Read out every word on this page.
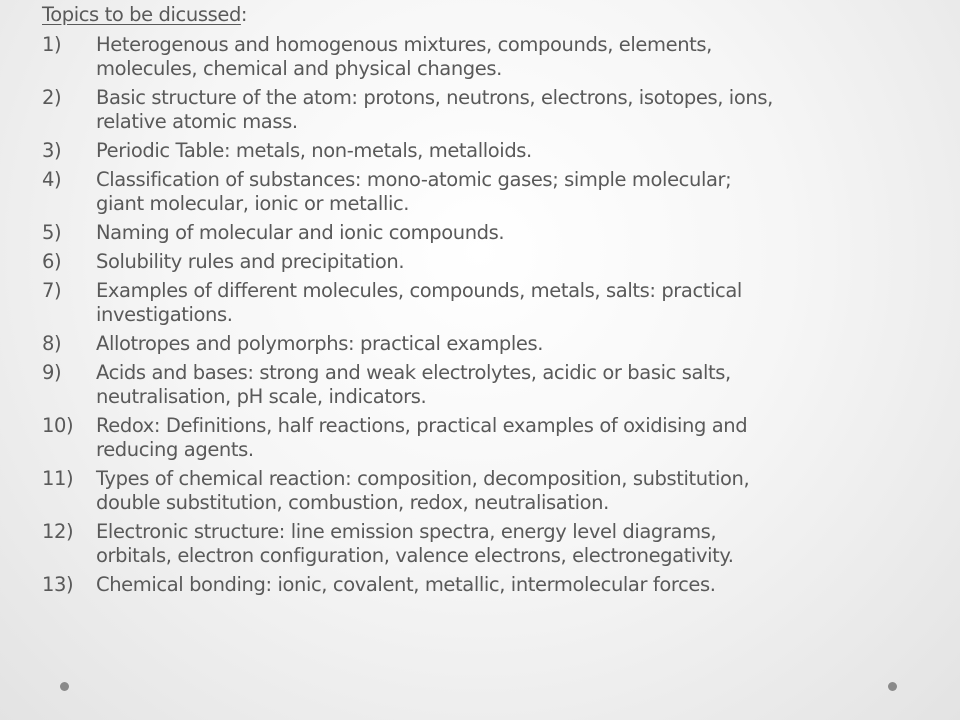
Topics to be dicussed:
1) Heterogenous and homogenous mixtures, compounds, elements,
molecules, chemical and physical changes.
2) Basic structure of the atom: protons, neutrons, electrons, isotopes, ions,
relative atomic mass.
3) Periodic Table: metals, non-metals, metalloids.
4) Classification of substances: mono-atomic gases; simple molecular;
giant molecular, ionic or metallic.
5) Naming of molecular and ionic compounds.
6) Solubility rules and precipitation.
7) Examples of different molecules, compounds, metals, salts: practical
investigations.
8) Allotropes and polymorphs: practical examples.
9) Acids and bases: strong and weak electrolytes, acidic or basic salts,
neutralisation, pH scale, indicators.
10) Redox: Definitions, half reactions, practical examples of oxidising and
reducing agents.
11) Types of chemical reaction: composition, decomposition, substitution,
double substitution, combustion, redox, neutralisation.
12) Electronic structure: line emission spectra, energy level diagrams,
orbitals, electron configuration, valence electrons, electronegativity.
13) Chemical bonding: ionic, covalent, metallic, intermolecular forces.
